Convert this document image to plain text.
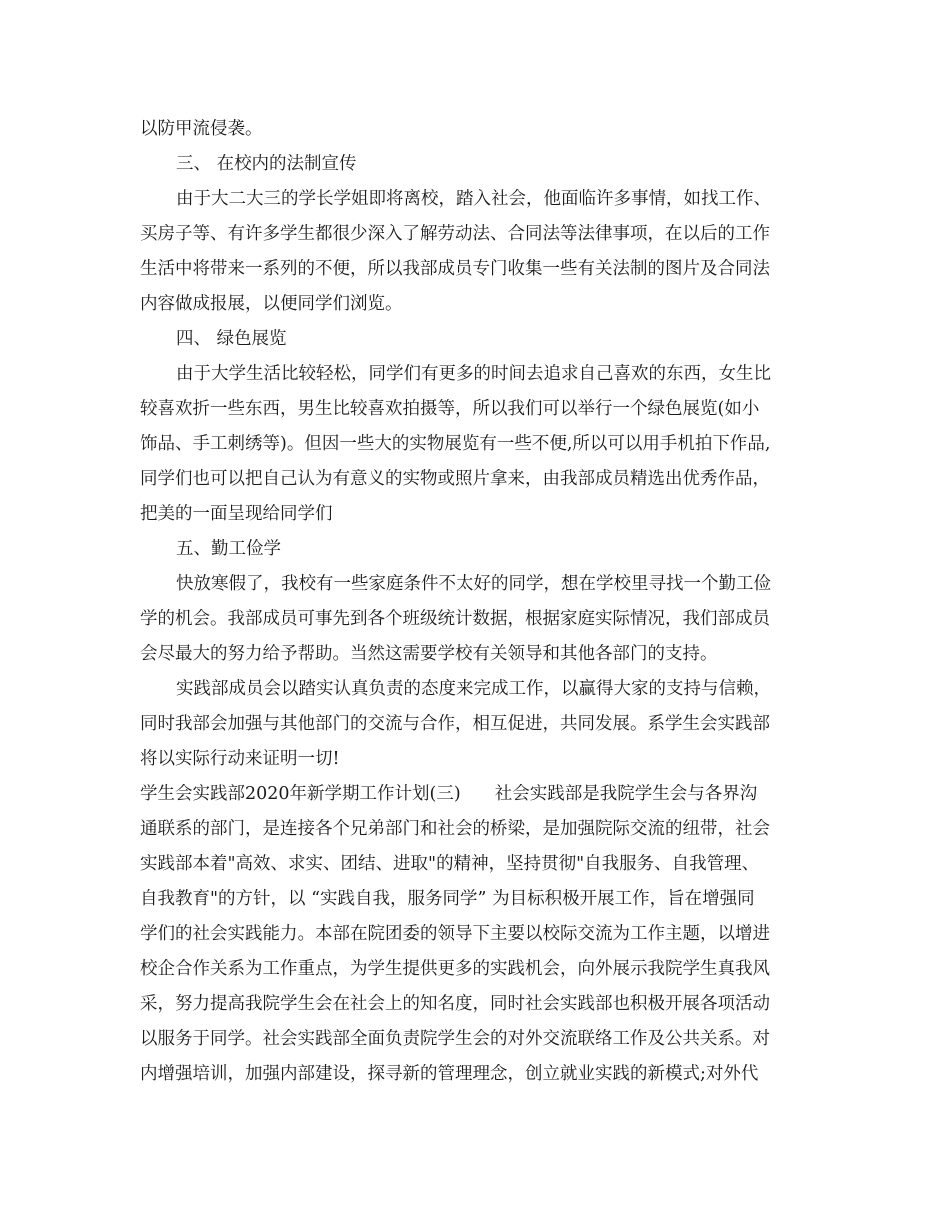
以防甲流侵袭。
三、 在校内的法制宣传
由于大二大三的学长学姐即将离校，踏入社会，他面临许多事情，如找工作、
买房子等、有许多学生都很少深入了解劳动法、合同法等法律事项，在以后的工作
生活中将带来一系列的不便，所以我部成员专门收集一些有关法制的图片及合同法
内容做成报展，以便同学们浏览。
四、 绿色展览
由于大学生活比较轻松，同学们有更多的时间去追求自己喜欢的东西，女生比
较喜欢折一些东西，男生比较喜欢拍摄等，所以我们可以举行一个绿色展览(如小
饰品、手工刺绣等)。但因一些大的实物展览有一些不便,所以可以用手机拍下作品,
同学们也可以把自己认为有意义的实物或照片拿来，由我部成员精选出优秀作品，
把美的一面呈现给同学们
五、勤工俭学
快放寒假了，我校有一些家庭条件不太好的同学，想在学校里寻找一个勤工俭
学的机会。我部成员可事先到各个班级统计数据，根据家庭实际情况，我们部成员
会尽最大的努力给予帮助。当然这需要学校有关领导和其他各部门的支持。
实践部成员会以踏实认真负责的态度来完成工作，以赢得大家的支持与信赖，
同时我部会加强与其他部门的交流与合作，相互促进，共同发展。系学生会实践部
将以实际行动来证明一切!
学生会实践部2020年新学期工作计划(三) 社会实践部是我院学生会与各界沟
通联系的部门，是连接各个兄弟部门和社会的桥梁，是加强院际交流的纽带，社会
实践部本着"高效、求实、团结、进取"的精神，坚持贯彻"自我服务、自我管理、
自我教育"的方针，以 “实践自我，服务同学” 为目标积极开展工作，旨在增强同
学们的社会实践能力。本部在院团委的领导下主要以校际交流为工作主题，以增进
校企合作关系为工作重点，为学生提供更多的实践机会，向外展示我院学生真我风
采，努力提高我院学生会在社会上的知名度，同时社会实践部也积极开展各项活动
以服务于同学。社会实践部全面负责院学生会的对外交流联络工作及公共关系。对
内增强培训，加强内部建设，探寻新的管理理念，创立就业实践的新模式;对外代
